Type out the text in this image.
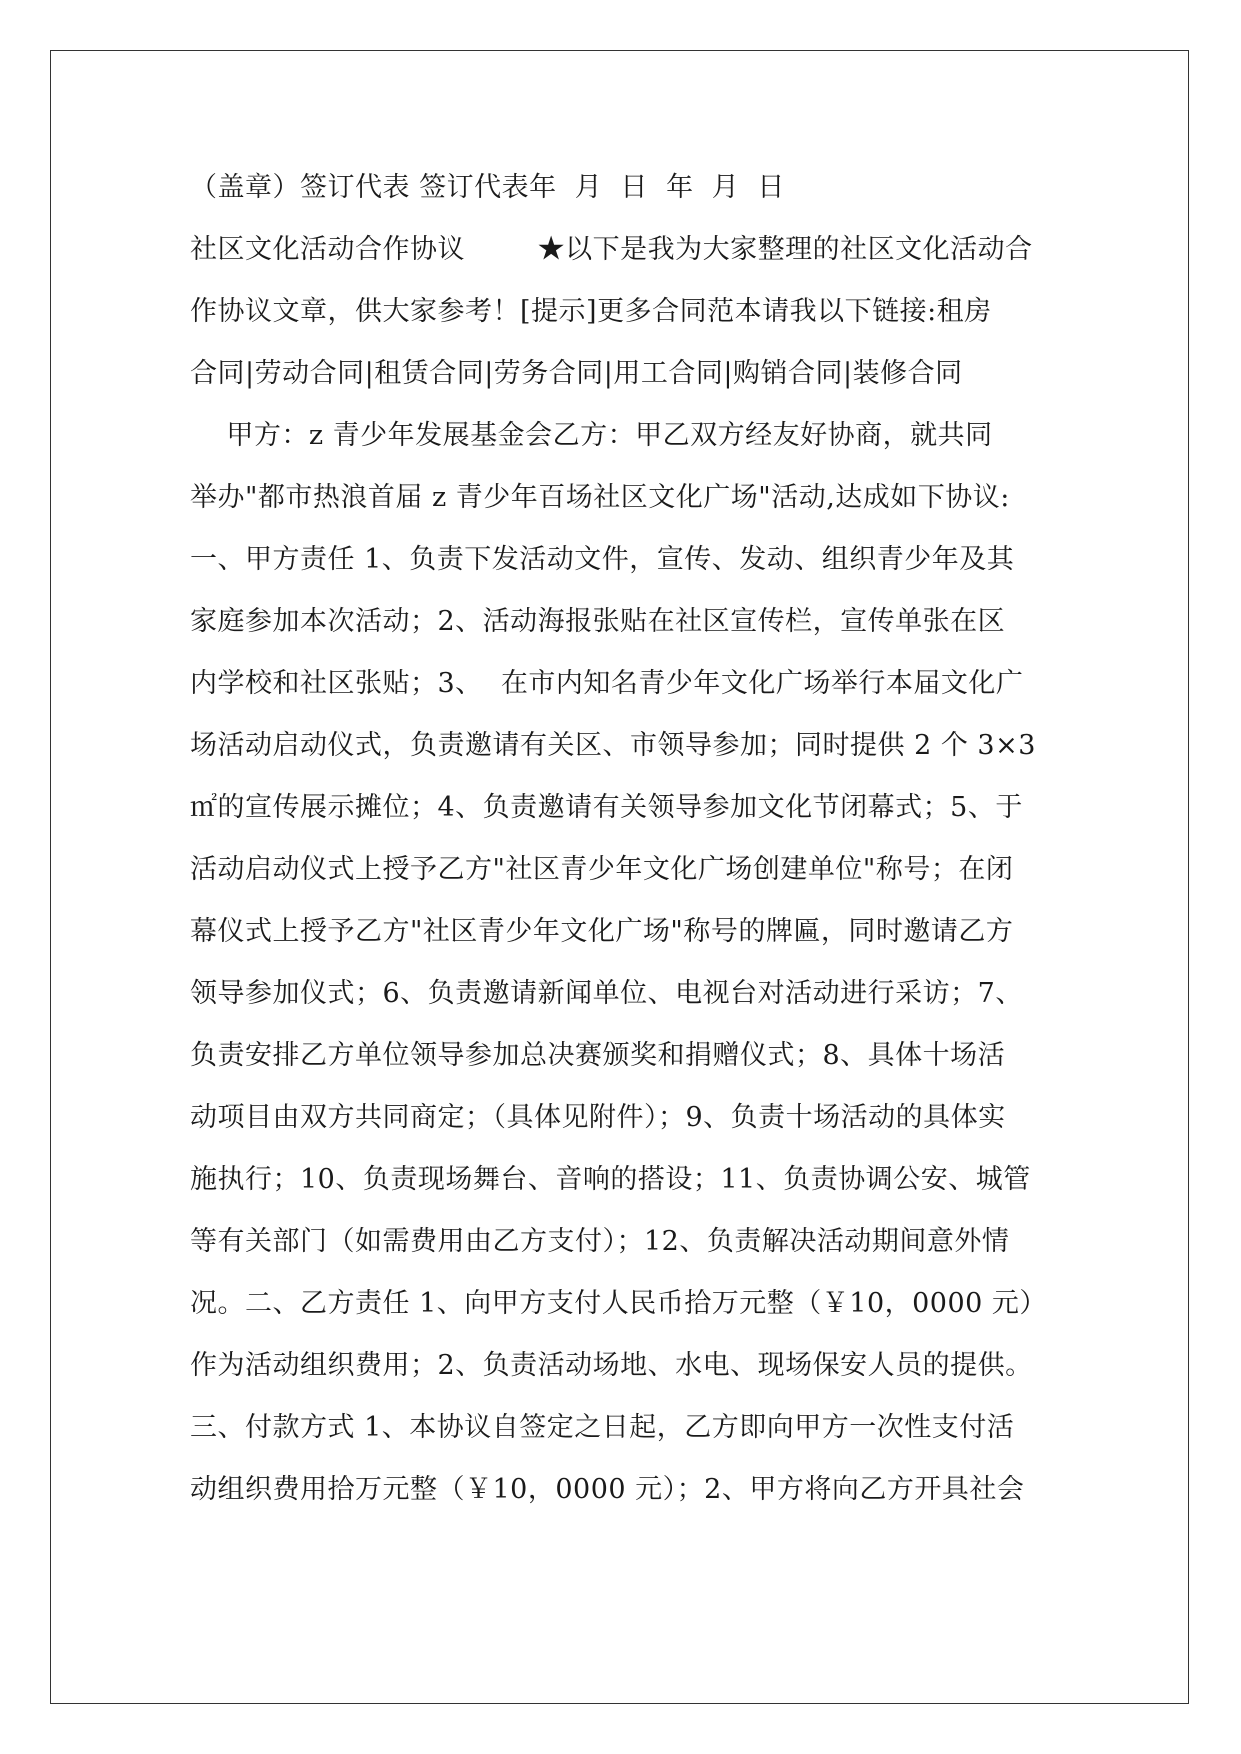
（盖章）签订代表 签订代表年  月  日  年  月  日
社区文化活动合作协议        ★以下是我为大家整理的社区文化活动合
作协议文章，供大家参考！[提示]更多合同范本请我以下链接:租房
合同|劳动合同|租赁合同|劳务合同|用工合同|购销合同|装修合同
甲方：z 青少年发展基金会乙方：甲乙双方经友好协商，就共同
举办"都市热浪首届 z 青少年百场社区文化广场"活动,达成如下协议:
一、甲方责任 1、负责下发活动文件，宣传、发动、组织青少年及其
家庭参加本次活动；2、活动海报张贴在社区宣传栏，宣传单张在区
内学校和社区张贴；3、  在市内知名青少年文化广场举行本届文化广
场活动启动仪式，负责邀请有关区、市领导参加；同时提供 2 个 3×3
㎡的宣传展示摊位；4、负责邀请有关领导参加文化节闭幕式；5、于
活动启动仪式上授予乙方"社区青少年文化广场创建单位"称号；在闭
幕仪式上授予乙方"社区青少年文化广场"称号的牌匾，同时邀请乙方
领导参加仪式；6、负责邀请新闻单位、电视台对活动进行采访；7、
负责安排乙方单位领导参加总决赛颁奖和捐赠仪式；8、具体十场活
动项目由双方共同商定；（具体见附件）；9、负责十场活动的具体实
施执行；10、负责现场舞台、音响的搭设；11、负责协调公安、城管
等有关部门（如需费用由乙方支付）；12、负责解决活动期间意外情
况。二、乙方责任 1、向甲方支付人民币拾万元整（￥10，0000 元）
作为活动组织费用；2、负责活动场地、水电、现场保安人员的提供。
三、付款方式 1、本协议自签定之日起，乙方即向甲方一次性支付活
动组织费用拾万元整（￥10，0000 元）；2、甲方将向乙方开具社会
